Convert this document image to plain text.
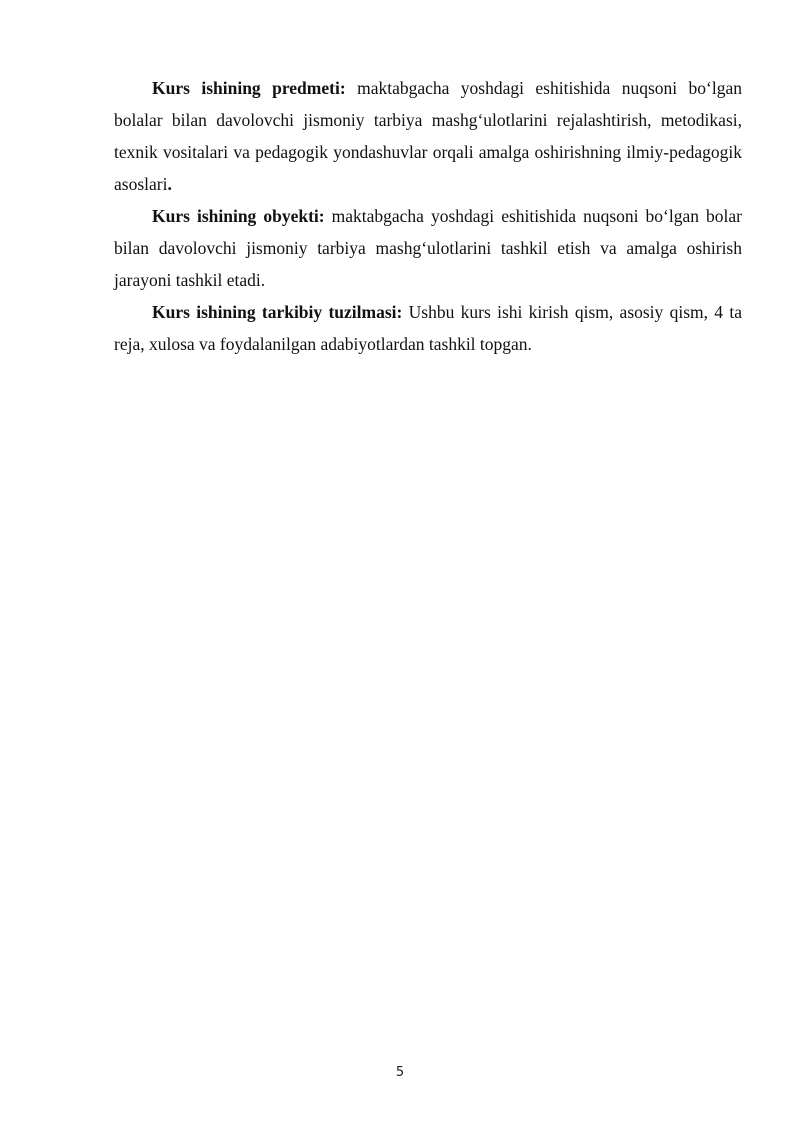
Kurs ishining predmeti: maktabgacha yoshdagi eshitishida nuqsoni bo‘lgan bolalar bilan davolovchi jismoniy tarbiya mashg‘ulotlarini rejalashtirish, metodikasi, texnik vositalari va pedagogik yondashuvlar orqali amalga oshirishning ilmiy-pedagogik asoslari.

Kurs ishining obyekti: maktabgacha yoshdagi eshitishida nuqsoni bo‘lgan bolar bilan davolovchi jismoniy tarbiya mashg‘ulotlarini tashkil etish va amalga oshirish jarayoni tashkil etadi.

Kurs ishining tarkibiy tuzilmasi: Ushbu kurs ishi kirish qism, asosiy qism, 4 ta reja, xulosa va foydalanilgan adabiyotlardan tashkil topgan.

5
